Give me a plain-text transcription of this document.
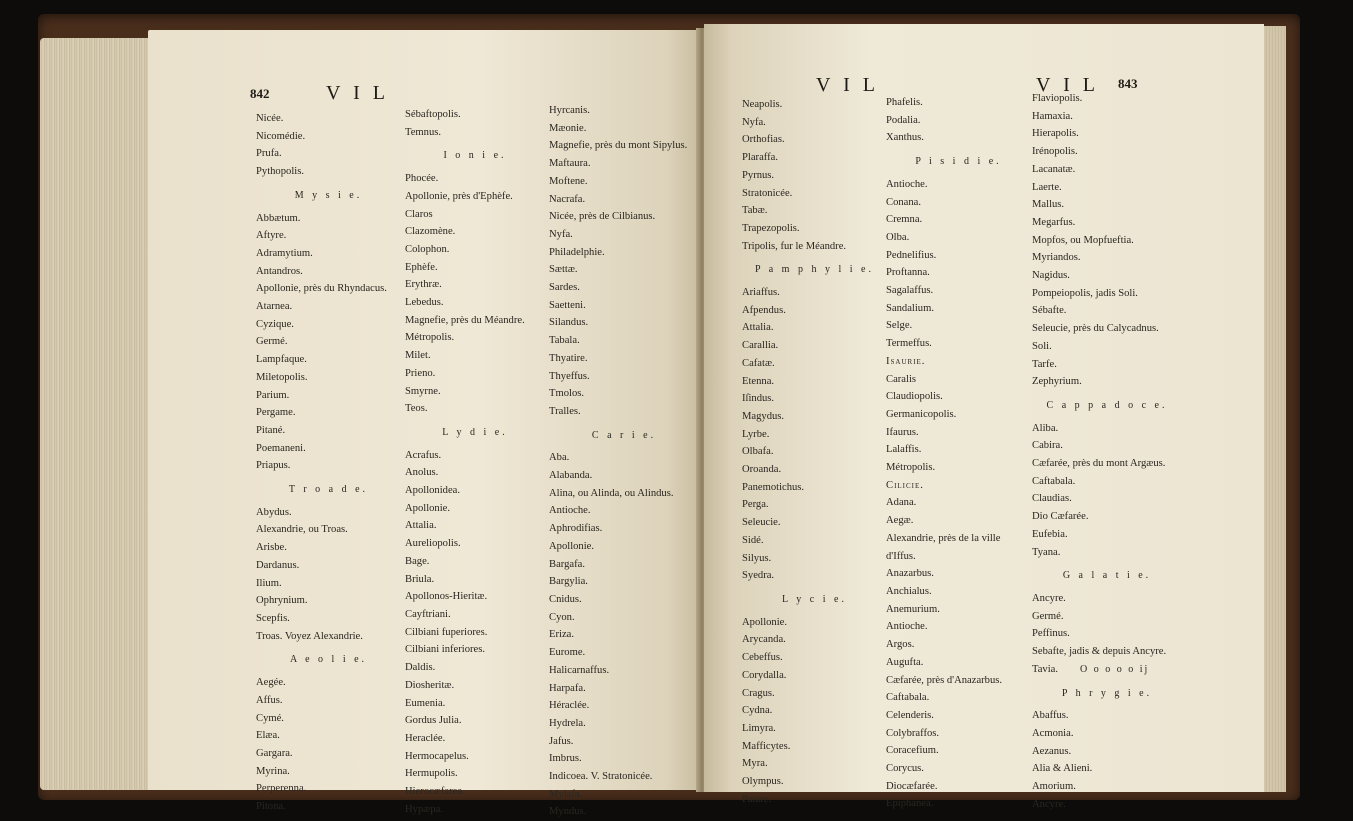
842	V I L
Nicée.
Nicomédie.
Prufa.
Pythopolis.
M y s i e.
Abbætum.
Aftyre.
Adramytium.
Antandros.
Apollonie, près du Rhyndacus.
Atarnea.
Cyzique.
Germé.
Lampfaque.
Miletopolis.
Parium.
Pergame.
Pitané.
Poemaneni.
Priapus.
T r o a d e.
Abydus.
Alexandrie, ou Troas.
Arisbe.
Dardanus.
Ilium.
Ophrynium.
Scepfis.
Troas. Voyez Alexandrie.
A e o l i e.
Aegée.
Affus.
Cymé.
Elæa.
Gargara.
Myrina.
Perperenna.
Pitona.
Sébaftopolis.
Temnus.
I o n i e.
Phocée.
Apollonie, près d'Ephèfe.
Claros
Clazomène.
Colophon.
Ephèfe.
Erythræ.
Lebedus.
Magnefie, près du Méandre.
Métropolis.
Milet.
Prieno.
Smyrne.
Teos.
L y d i e.
Acrafus.
Anolus.
Apollonidea.
Apollonie.
Attalia.
Aureliopolis.
Bage.
Briula.
Apollonos-Hieritæ.
Cayftriani.
Cilbiani fuperiores.
Cilbiani inferiores.
Daldis.
Diosheritæ.
Eumenia.
Gordus Julia.
Heraclée.
Hermocapelus.
Hermupolis.
Hierocæfarea.
Hypæpa.
Hyrcanis.
Mæonie.
Magnefie, près du mont Sipylus.
Maftaura.
Moftene.
Nacrafa.
Nicée, près de Cilbianus.
Nyfa.
Philadelphie.
Sættæ.
Sardes.
Saetteni.
Silandus.
Tabala.
Thyatire.
Thyeffus.
Tmolos.
Tralles.
C a r i e.
Aba.
Alabanda.
Alina, ou Alinda, ou Alindus.
Antioche.
Aphrodifias.
Apollonie.
Bargafa.
Bargylia.
Cnidus.
Cyon.
Eriza.
Eurome.
Halicarnaffus.
Harpafa.
Héraclée.
Hydrela.
Jafus.
Imbrus.
Indicoea. V. Stratonicée.
Mylafa.
Myndus.
V I L	V I L 843
Neapolis.
Nyfa.
Orthofias.
Plaraffa.
Pyrnus.
Stratonicée.
Tabæ.
Trapezopolis.
Tripolis, fur le Méandre.
P a m p h y l i e.
Ariaffus.
Afpendus.
Attalia.
Carallia.
Cafatæ.
Etenna.
Iſindus.
Magydus.
Lyrbe.
Olbafa.
Oroanda.
Panemotichus.
Perga.
Seleucie.
Sidé.
Silyus.
Syedra.
L y c i e.
Apollonie.
Arycanda.
Cebeffus.
Corydalla.
Cragus.
Cydna.
Limyra.
Mafficytes.
Myra.
Olympus.
Patare.
Phafelis.
Podalia.
Xanthus.
P i s i d i e.
Antioche.
Conana.
Cremna.
Olba.
Pednelifius.
Proftanna.
Sagalaffus.
Sandalium.
Selge.
Termeffus.
Isaurie.
Caralis
Claudiopolis.
Germanicopolis.
Ifaurus.
Lalaffis.
Métropolis.
Cilicie.
Adana.
Aegæ.
Alexandrie, près de la ville
d'Iffus.
Anazarbus.
Anchialus.
Anemurium.
Antioche.
Argos.
Augufta.
Cæfarée, près d'Anazarbus.
Caftabala.
Celenderis.
Colybraffos.
Coracefium.
Corycus.
Diocæfarée.
Epiphanea.
Flaviopolis.
Hamaxia.
Hierapolis.
Irénopolis.
Lacanatæ.
Laerte.
Mallus.
Megarfus.
Mopfos, ou Mopfueftia.
Myriandos.
Nagidus.
Pompeiopolis, jadis Soli.
Sébafte.
Seleucie, près du Calycadnus.
Soli.
Tarfe.
Zephyrium.
C a p p a d o c e.
Aliba.
Cabira.
Cæfarée, près du mont Argæus.
Caftabala.
Claudias.
Dio Cæfarée.
Eufebia.
Tyana.
G a l a t i e.
Ancyre.
Germé.
Peffinus.
Sebafte, jadis & depuis Ancyre.
Tavia.
P h r y g i e.
Abaffus.
Acmonia.
Aezanus.
Alia & Alieni.
Amorium.
Ancyre.
O o o o o ij
